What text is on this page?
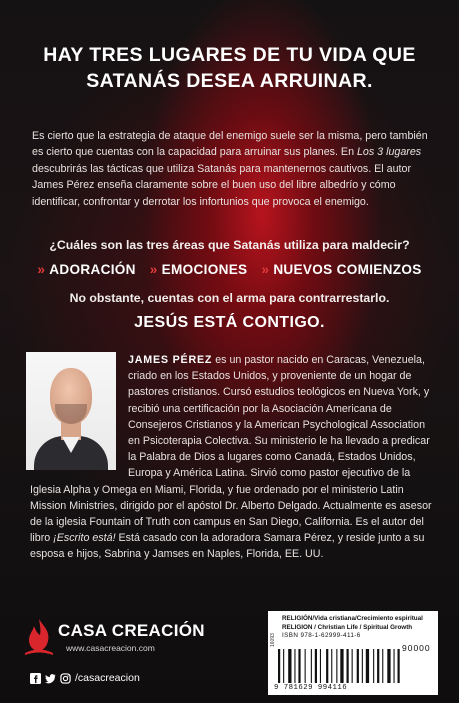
HAY TRES LUGARES DE TU VIDA QUE
SATANÁS DESEA ARRUINAR.
Es cierto que la estrategia de ataque del enemigo suele ser la misma, pero también es cierto que cuentas con la capacidad para arruinar sus planes. En Los 3 lugares descubrirás las tácticas que utiliza Satanás para mantenernos cautivos. El autor James Pérez enseña claramente sobre el buen uso del libre albedrío y cómo identificar, confrontar y derrotar los infortunios que provoca el enemigo.
¿Cuáles son las tres áreas que Satanás utiliza para maldecir?
» ADORACIÓN » EMOCIONES » NUEVOS COMIENZOS
No obstante, cuentas con el arma para contrarrestarlo.
JESÚS ESTÁ CONTIGO.
JAMES PÉREZ es un pastor nacido en Caracas, Venezuela, criado en los Estados Unidos, y proveniente de un hogar de pastores cristianos. Cursó estudios teológicos en Nueva York, y recibió una certificación por la Asociación Americana de Consejeros Cristianos y la American Psychological Association en Psicoterapia Colectiva. Su ministerio le ha llevado a predicar la Palabra de Dios a lugares como Canadá, Estados Unidos, Europa y América Latina. Sirvió como pastor ejecutivo de la Iglesia Alpha y Omega en Miami, Florida, y fue ordenado por el ministerio Latin Mission Ministries, dirigido por el apóstol Dr. Alberto Delgado. Actualmente es asesor de la iglesia Fountain of Truth con campus en San Diego, California. Es el autor del libro ¡Escrito está! Está casado con la adoradora Samara Pérez, y reside junto a su esposa e hijos, Sabrina y Jamses en Naples, Florida, EE. UU.
CASA CREACIÓN
www.casacreacion.com
/casacreacion
16093
RELIGIÓN/Vida cristiana/Crecimiento espiritual
RELIGION / Christian Life / Spiritual Growth
ISBN 978-1-62999-411-6
90000
9 781629 994116
